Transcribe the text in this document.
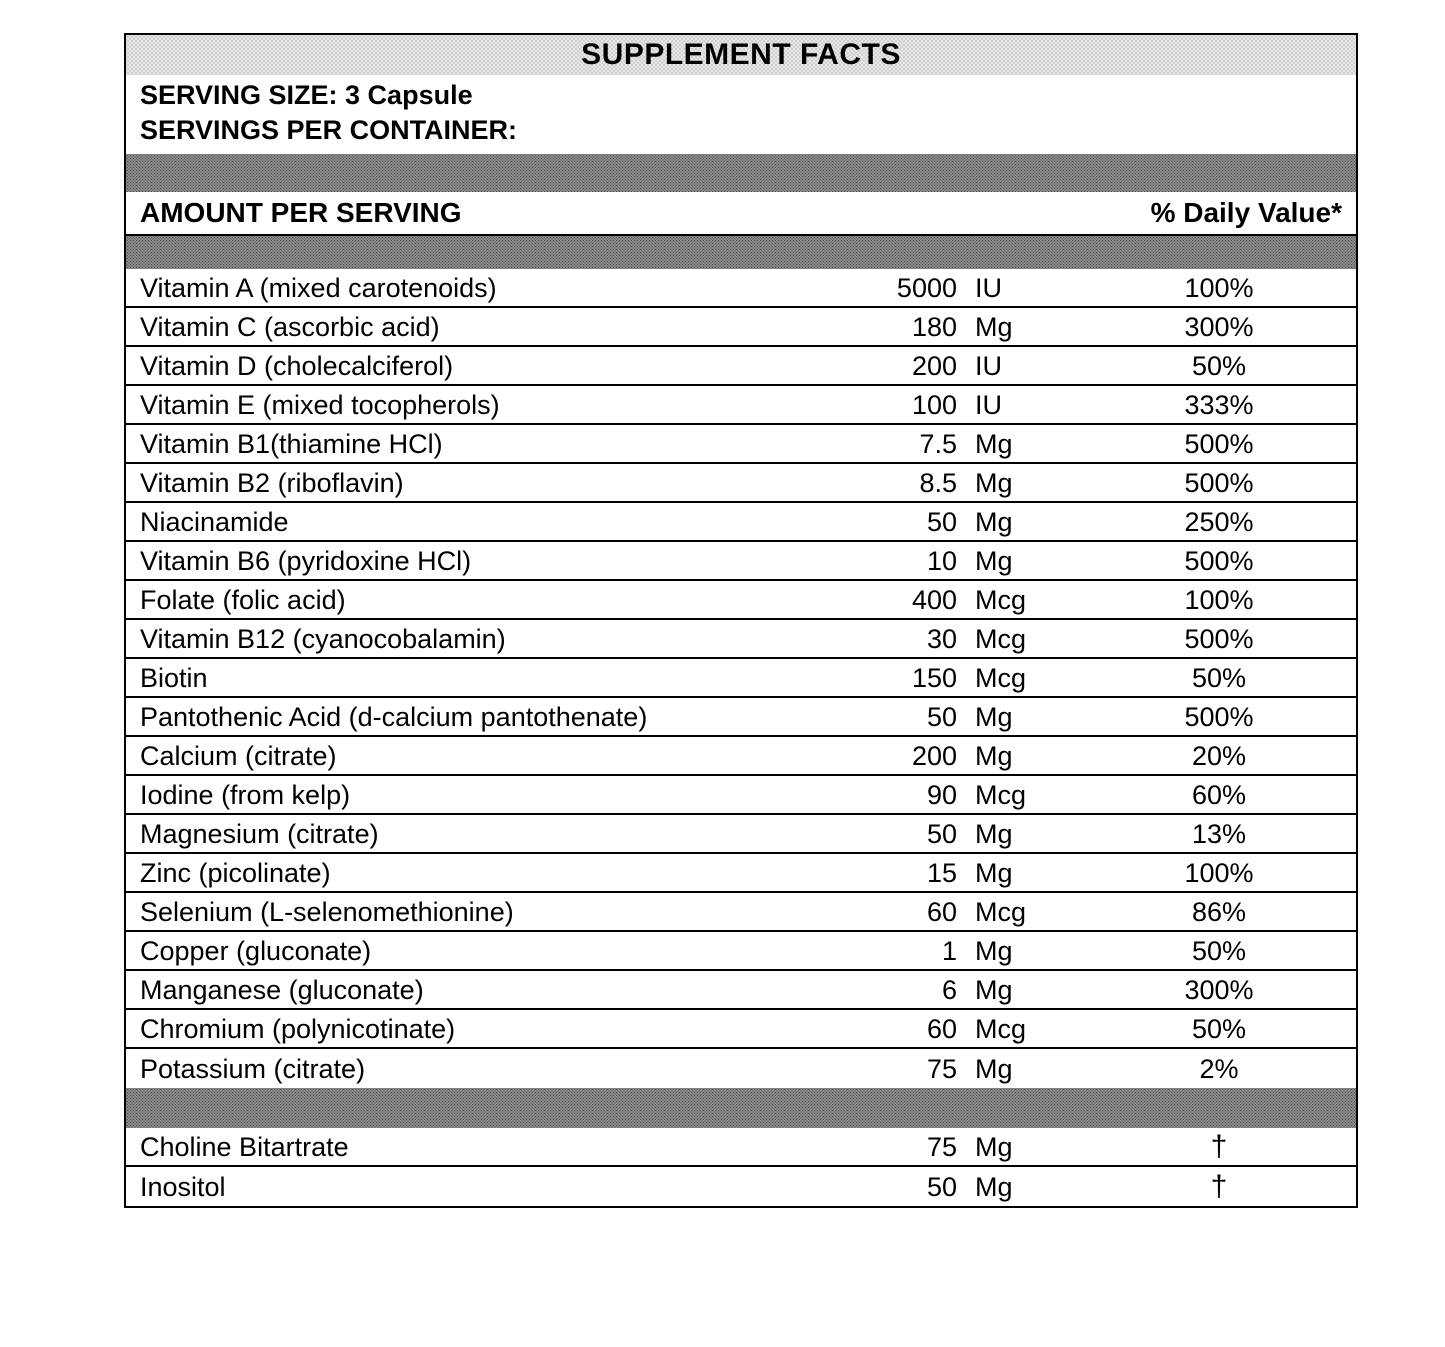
SUPPLEMENT FACTS
SERVING SIZE: 3 Capsule
SERVINGS PER CONTAINER:
AMOUNT PER SERVING	% Daily Value*
Vitamin A (mixed carotenoids)	5000 IU	100%
Vitamin C (ascorbic acid)	180 Mg	300%
Vitamin D (cholecalciferol)	200 IU	50%
Vitamin E (mixed tocopherols)	100 IU	333%
Vitamin B1(thiamine HCl)	7.5 Mg	500%
Vitamin B2 (riboflavin)	8.5 Mg	500%
Niacinamide	50 Mg	250%
Vitamin B6 (pyridoxine HCl)	10 Mg	500%
Folate (folic acid)	400 Mcg	100%
Vitamin B12 (cyanocobalamin)	30 Mcg	500%
Biotin	150 Mcg	50%
Pantothenic Acid (d-calcium pantothenate)	50 Mg	500%
Calcium (citrate)	200 Mg	20%
Iodine (from kelp)	90 Mcg	60%
Magnesium (citrate)	50 Mg	13%
Zinc (picolinate)	15 Mg	100%
Selenium (L-selenomethionine)	60 Mcg	86%
Copper (gluconate)	1 Mg	50%
Manganese (gluconate)	6 Mg	300%
Chromium (polynicotinate)	60 Mcg	50%
Potassium (citrate)	75 Mg	2%
Choline Bitartrate	75 Mg	†
Inositol	50 Mg	†
